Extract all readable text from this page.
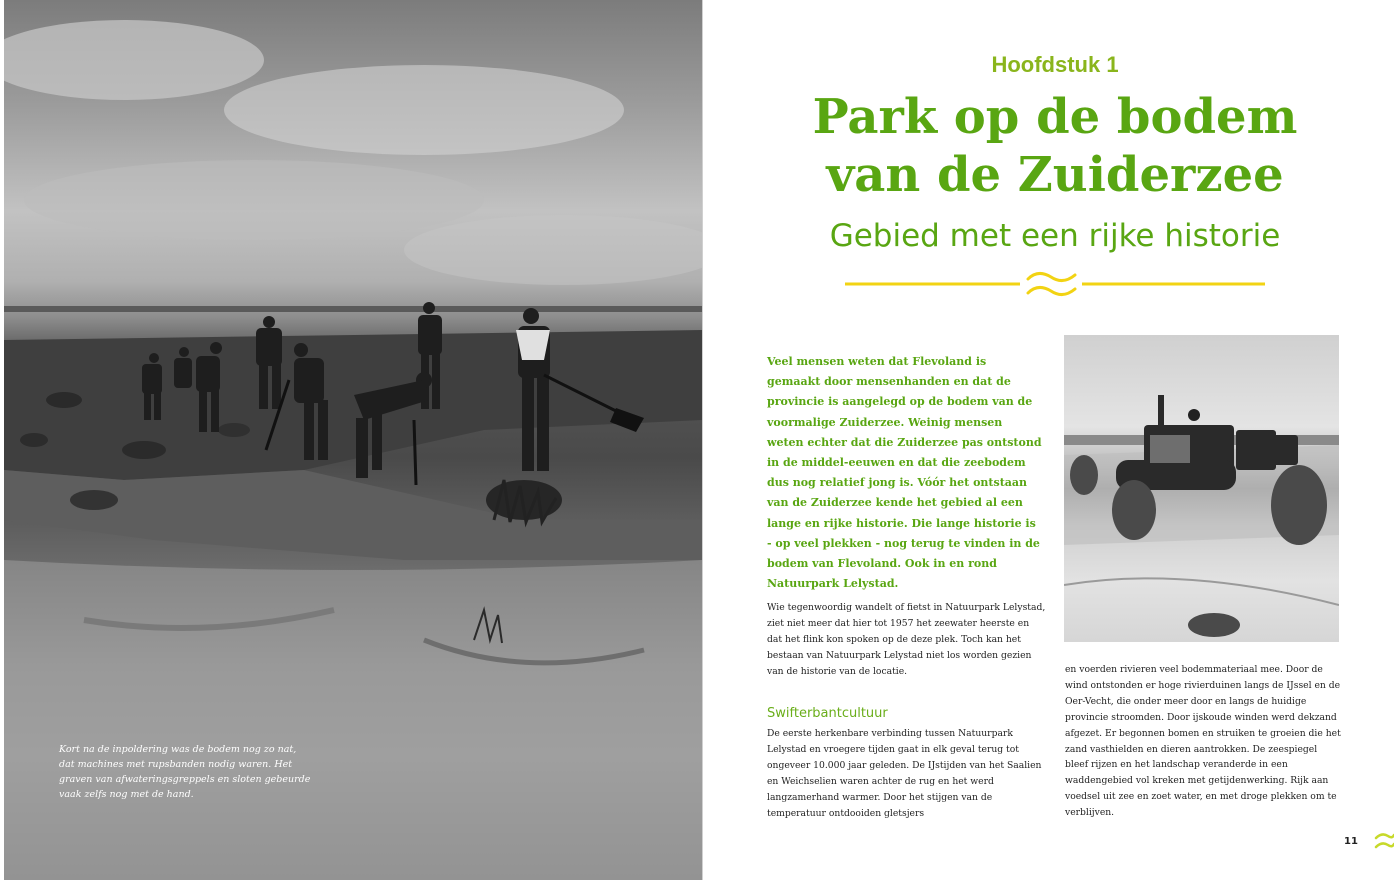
Kort na de inpoldering was de bodem nog zo nat, dat machines met rupsbanden nodig waren. Het graven van afwateringsgreppels en sloten gebeurde vaak zelfs nog met de hand.
Hoofdstuk 1
Park op de bodem
van de Zuiderzee
Gebied met een rijke historie
Veel mensen weten dat Flevoland is gemaakt door mensenhanden en dat de provincie is aangelegd op de bodem van de voormalige Zuiderzee. Weinig mensen weten echter dat die Zuiderzee pas ontstond in de middel-eeuwen en dat die zeebodem dus nog relatief jong is. Vóór het ontstaan van de Zuiderzee kende het gebied al een lange en rijke historie. Die lange historie is - op veel plekken - nog terug te vinden in de bodem van Flevoland. Ook in en rond Natuurpark Lelystad.
Wie tegenwoordig wandelt of fietst in Natuurpark Lelystad, ziet niet meer dat hier tot 1957 het zeewater heerste en dat het flink kon spoken op de deze plek. Toch kan het bestaan van Natuurpark Lelystad niet los worden gezien van de historie van de locatie.
Swifterbantcultuur
De eerste herkenbare verbinding tussen Natuurpark Lelystad en vroegere tijden gaat in elk geval terug tot ongeveer 10.000 jaar geleden. De IJstijden van het Saalien en Weichselien waren achter de rug en het werd langzamerhand warmer. Door het stijgen van de temperatuur ontdooiden gletsjers
en voerden rivieren veel bodemmateriaal mee. Door de wind ontstonden er hoge rivierduinen langs de IJssel en de Oer-Vecht, die onder meer door en langs de huidige provincie stroomden. Door ijskoude winden werd dekzand afgezet. Er begonnen bomen en struiken te groeien die het zand vasthielden en dieren aantrokken. De zeespiegel bleef rijzen en het landschap veranderde in een waddengebied vol kreken met getijdenwerking. Rijk aan voedsel uit zee en zoet water, en met droge plekken om te verblijven.
11
